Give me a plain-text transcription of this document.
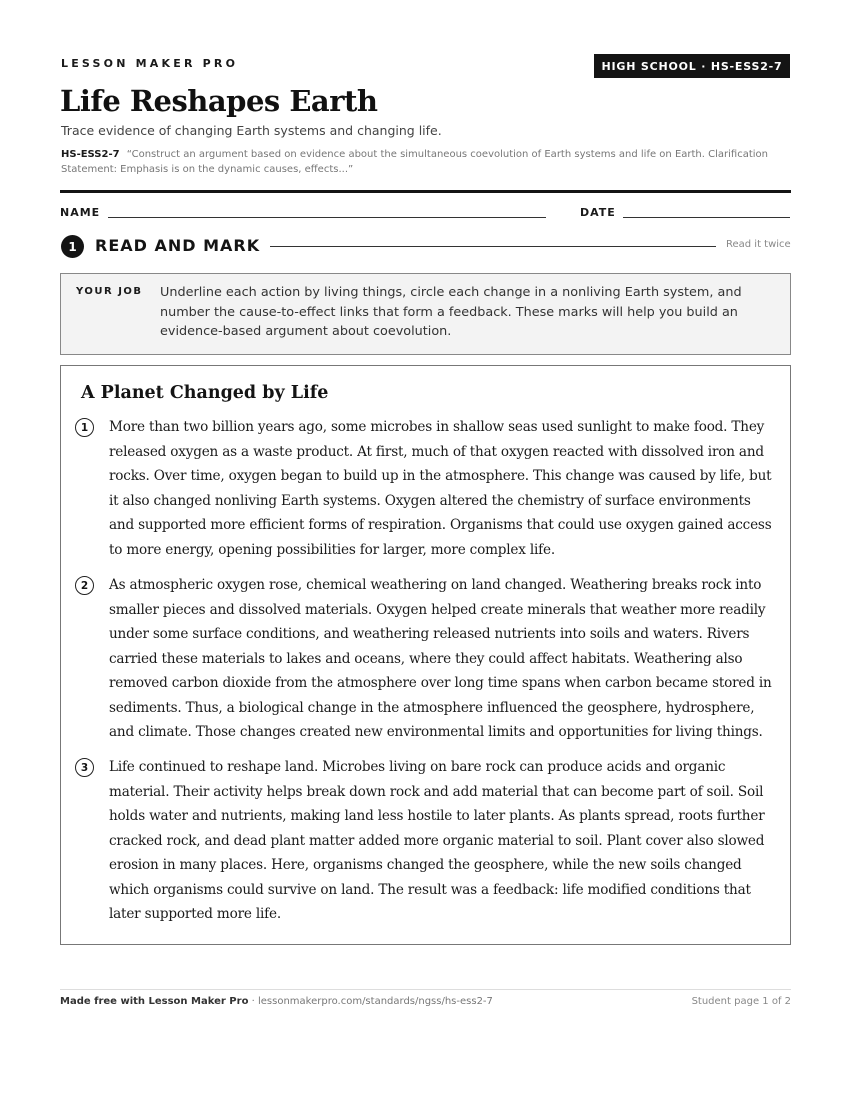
LESSON MAKER PRO	HIGH SCHOOL · HS-ESS2-7
Life Reshapes Earth
Trace evidence of changing Earth systems and changing life.
HS-ESS2-7 “Construct an argument based on evidence about the simultaneous coevolution of Earth systems and life on Earth. Clarification Statement: Emphasis is on the dynamic causes, effects...”
NAME	DATE
1	READ AND MARK	Read it twice
YOUR JOB Underline each action by living things, circle each change in a nonliving Earth system, and number the cause-to-effect links that form a feedback. These marks will help you build an evidence-based argument about coevolution.
A Planet Changed by Life
1	More than two billion years ago, some microbes in shallow seas used sunlight to make food. They released oxygen as a waste product. At first, much of that oxygen reacted with dissolved iron and rocks. Over time, oxygen began to build up in the atmosphere. This change was caused by life, but it also changed nonliving Earth systems. Oxygen altered the chemistry of surface environments and supported more efficient forms of respiration. Organisms that could use oxygen gained access to more energy, opening possibilities for larger, more complex life.

2	As atmospheric oxygen rose, chemical weathering on land changed. Weathering breaks rock into smaller pieces and dissolved materials. Oxygen helped create minerals that weather more readily under some surface conditions, and weathering released nutrients into soils and waters. Rivers carried these materials to lakes and oceans, where they could affect habitats. Weathering also removed carbon dioxide from the atmosphere over long time spans when carbon became stored in sediments. Thus, a biological change in the atmosphere influenced the geosphere, hydrosphere, and climate. Those changes created new environmental limits and opportunities for living things.

3	Life continued to reshape land. Microbes living on bare rock can produce acids and organic material. Their activity helps break down rock and add material that can become part of soil. Soil holds water and nutrients, making land less hostile to later plants. As plants spread, roots further cracked rock, and dead plant matter added more organic material to soil. Plant cover also slowed erosion in many places. Here, organisms changed the geosphere, while the new soils changed which organisms could survive on land. The result was a feedback: life modified conditions that later supported more life.

Made free with Lesson Maker Pro · lessonmakerpro.com/standards/ngss/hs-ess2-7	Student page 1 of 2
